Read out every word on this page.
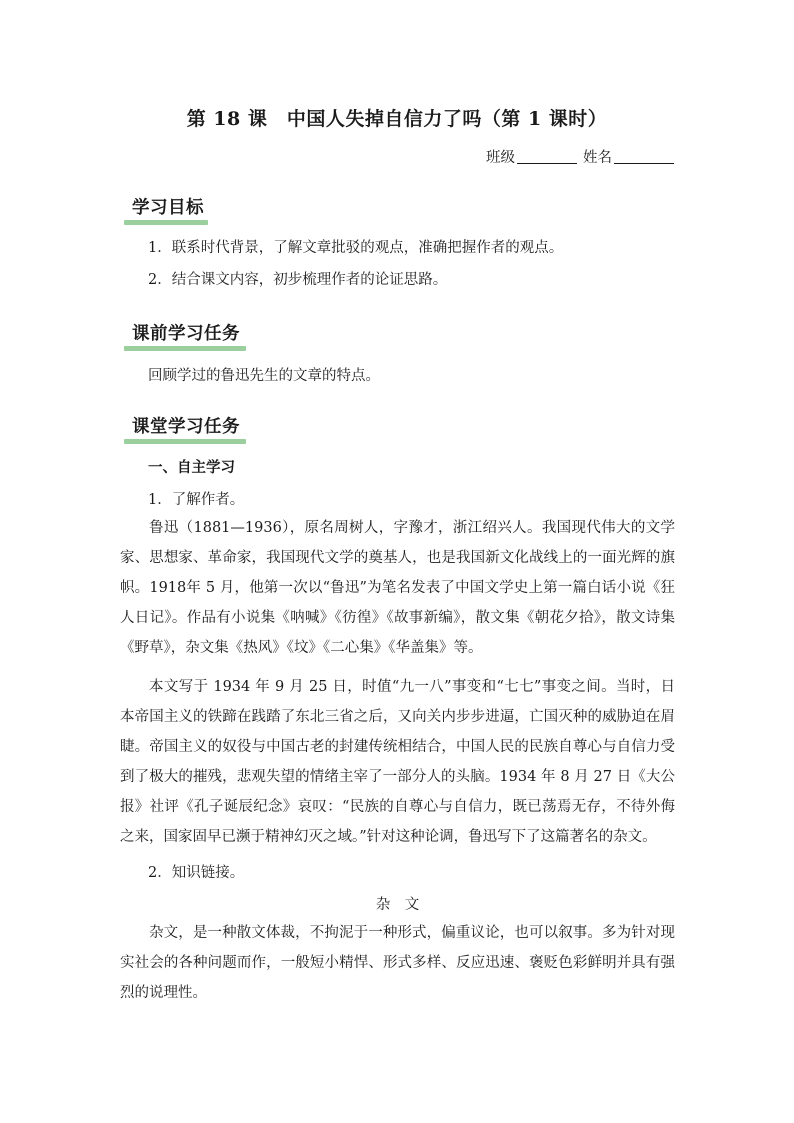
第 18 课　中国人失掉自信力了吗（第 1 课时）
班级	姓名
学习目标
1．联系时代背景，了解文章批驳的观点，准确把握作者的观点。
2．结合课文内容，初步梳理作者的论证思路。
课前学习任务
回顾学过的鲁迅先生的文章的特点。
课堂学习任务
一、自主学习
1．了解作者。
鲁迅（1881—1936），原名周树人，字豫才，浙江绍兴人。我国现代伟大的文学家、思想家、革命家，我国现代文学的奠基人，也是我国新文化战线上的一面光辉的旗帜。1918年 5 月，他第一次以“鲁迅”为笔名发表了中国文学史上第一篇白话小说《狂人日记》。作品有小说集《呐喊》《彷徨》《故事新编》，散文集《朝花夕拾》，散文诗集《野草》，杂文集《热风》《坟》《二心集》《华盖集》等。
本文写于 1934 年 9 月 25 日，时值“九一八”事变和“七七”事变之间。当时，日本帝国主义的铁蹄在践踏了东北三省之后，又向关内步步进逼，亡国灭种的威胁迫在眉睫。帝国主义的奴役与中国古老的封建传统相结合，中国人民的民族自尊心与自信力受到了极大的摧残，悲观失望的情绪主宰了一部分人的头脑。1934 年 8 月 27 日《大公报》社评《孔子诞辰纪念》哀叹：“民族的自尊心与自信力，既已荡焉无存，不待外侮之来，国家固早已濒于精神幻灭之域。”针对这种论调，鲁迅写下了这篇著名的杂文。
2．知识链接。
杂　文
杂文，是一种散文体裁，不拘泥于一种形式，偏重议论，也可以叙事。多为针对现实社会的各种问题而作，一般短小精悍、形式多样、反应迅速、褒贬色彩鲜明并具有强烈的说理性。
